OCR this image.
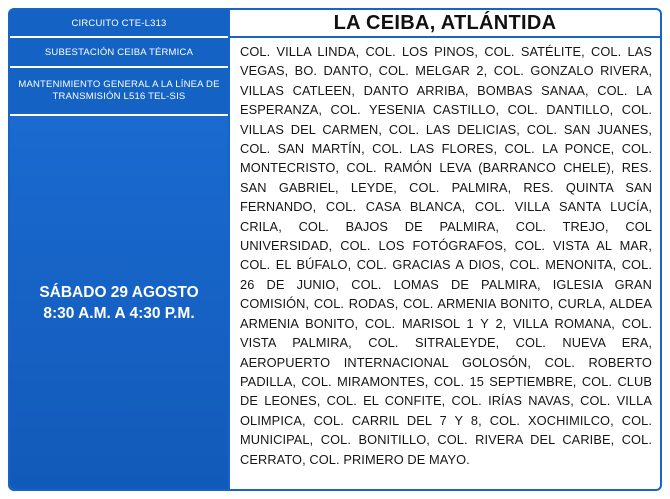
CIRCUITO CTE-L313
SUBESTACIÓN CEIBA TÉRMICA
MANTENIMIENTO GENERAL A LA LÍNEA DE TRANSMISIÓN L516 TEL-SIS
SÁBADO 29 AGOSTO
8:30 A.M. A 4:30 P.M.
LA CEIBA, ATLÁNTIDA
COL. VILLA LINDA, COL. LOS PINOS, COL. SATÉLITE, COL. LAS VEGAS, BO. DANTO, COL. MELGAR 2, COL. GONZALO RIVERA, VILLAS CATLEEN, DANTO ARRIBA, BOMBAS SANAA, COL. LA ESPERANZA, COL. YESENIA CASTILLO, COL. DANTILLO, COL. VILLAS DEL CARMEN, COL. LAS DELICIAS, COL. SAN JUANES, COL. SAN MARTÍN, COL. LAS FLORES, COL. LA PONCE, COL. MONTECRISTO, COL. RAMÓN LEVA (BARRANCO CHELE), RES. SAN GABRIEL, LEYDE, COL. PALMIRA, RES. QUINTA SAN FERNANDO, COL. CASA BLANCA, COL. VILLA SANTA LUCÍA, CRILA, COL. BAJOS DE PALMIRA, COL. TREJO, COL UNIVERSIDAD, COL. LOS FOTÓGRAFOS, COL. VISTA AL MAR, COL. EL BÚFALO, COL. GRACIAS A DIOS, COL. MENONITA, COL. 26 DE JUNIO, COL. LOMAS DE PALMIRA, IGLESIA GRAN COMISIÓN, COL. RODAS, COL. ARMENIA BONITO, CURLA, ALDEA ARMENIA BONITO, COL. MARISOL 1 Y 2, VILLA ROMANA, COL. VISTA PALMIRA, COL. SITRALEYDE, COL. NUEVA ERA, AEROPUERTO INTERNACIONAL GOLOSÓN, COL. ROBERTO PADILLA, COL. MIRAMONTES, COL. 15 SEPTIEMBRE, COL. CLUB DE LEONES, COL. EL CONFITE, COL. IRÍAS NAVAS, COL. VILLA OLIMPICA, COL. CARRIL DEL 7 Y 8, COL. XOCHIMILCO, COL. MUNICIPAL, COL. BONITILLO, COL. RIVERA DEL CARIBE, COL. CERRATO, COL. PRIMERO DE MAYO.
